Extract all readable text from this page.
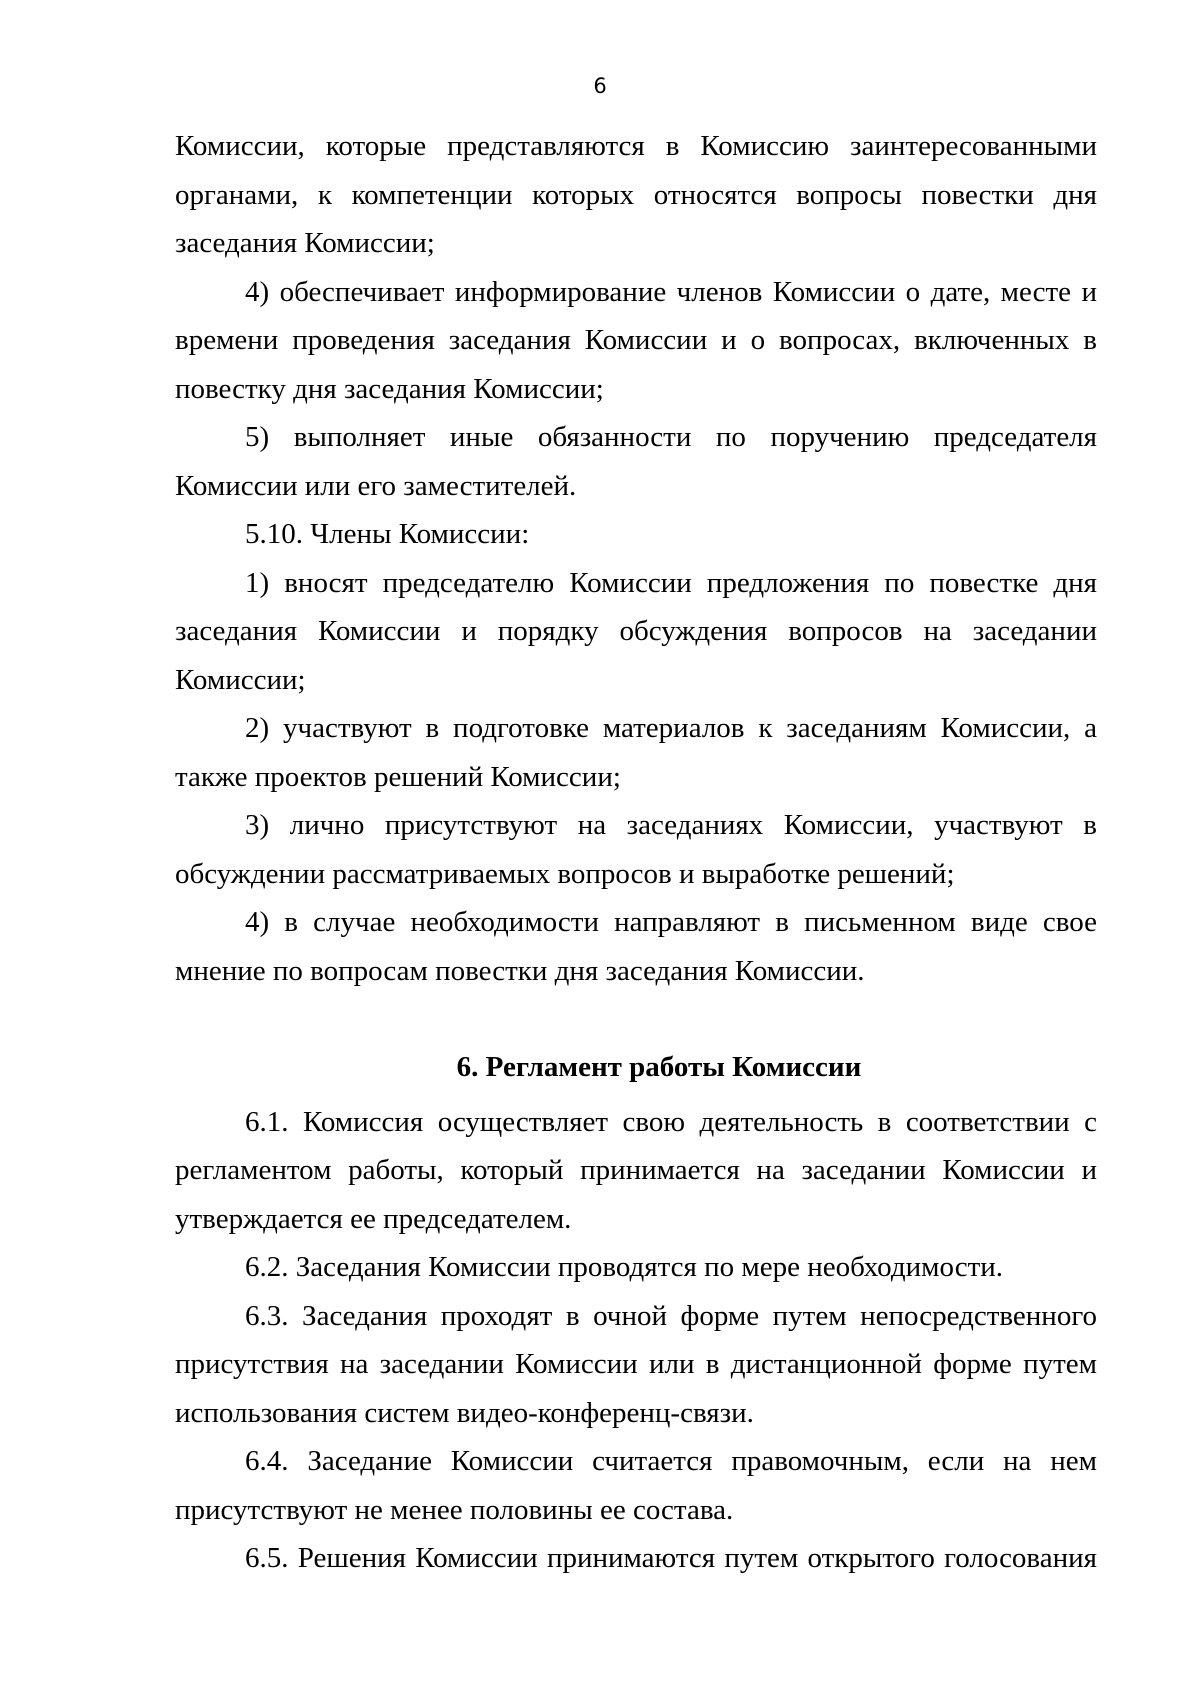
6

Комиссии, которые представляются в Комиссию заинтересованными органами, к компетенции которых относятся вопросы повестки дня заседания Комиссии;

4) обеспечивает информирование членов Комиссии о дате, месте и времени проведения заседания Комиссии и о вопросах, включенных в повестку дня заседания Комиссии;

5) выполняет иные обязанности по поручению председателя Комиссии или его заместителей.

5.10. Члены Комиссии:

1) вносят председателю Комиссии предложения по повестке дня заседания Комиссии и порядку обсуждения вопросов на заседании Комиссии;

2) участвуют в подготовке материалов к заседаниям Комиссии, а также проектов решений Комиссии;

3) лично присутствуют на заседаниях Комиссии, участвуют в обсуждении рассматриваемых вопросов и выработке решений;

4) в случае необходимости направляют в письменном виде свое мнение по вопросам повестки дня заседания Комиссии.

6. Регламент работы Комиссии

6.1. Комиссия осуществляет свою деятельность в соответствии с регламентом работы, который принимается на заседании Комиссии и утверждается ее председателем.

6.2. Заседания Комиссии проводятся по мере необходимости.

6.3. Заседания проходят в очной форме путем непосредственного присутствия на заседании Комиссии или в дистанционной форме путем использования систем видео-конференц-связи.

6.4. Заседание Комиссии считается правомочным, если на нем присутствуют не менее половины ее состава.

6.5. Решения Комиссии принимаются путем открытого голосования
